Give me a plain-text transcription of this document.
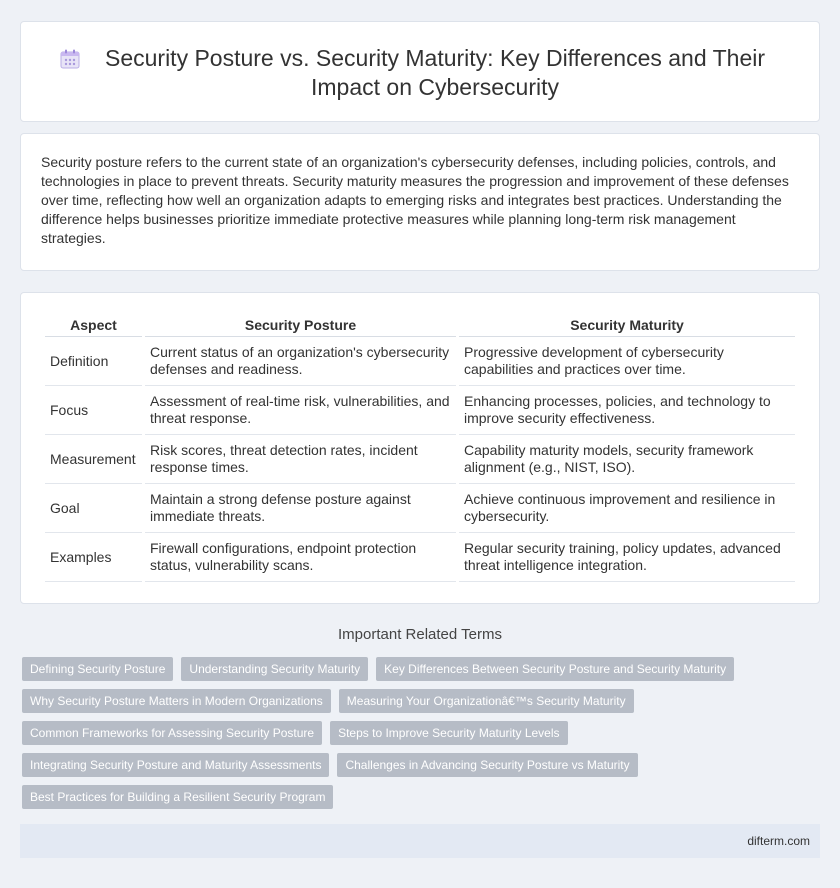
Security Posture vs. Security Maturity: Key Differences and Their Impact on Cybersecurity

Security posture refers to the current state of an organization's cybersecurity defenses, including policies, controls, and technologies in place to prevent threats. Security maturity measures the progression and improvement of these defenses over time, reflecting how well an organization adapts to emerging risks and integrates best practices. Understanding the difference helps businesses prioritize immediate protective measures while planning long-term risk management strategies.

Aspect	Security Posture	Security Maturity
Definition	Current status of an organization's cybersecurity defenses and readiness.	Progressive development of cybersecurity capabilities and practices over time.
Focus	Assessment of real-time risk, vulnerabilities, and threat response.	Enhancing processes, policies, and technology to improve security effectiveness.
Measurement	Risk scores, threat detection rates, incident response times.	Capability maturity models, security framework alignment (e.g., NIST, ISO).
Goal	Maintain a strong defense posture against immediate threats.	Achieve continuous improvement and resilience in cybersecurity.
Examples	Firewall configurations, endpoint protection status, vulnerability scans.	Regular security training, policy updates, advanced threat intelligence integration.
Important Related Terms
Defining Security Posture	Understanding Security Maturity	Key Differences Between Security Posture and Security Maturity
Why Security Posture Matters in Modern Organizations	Measuring Your Organizationâ€™s Security Maturity
Common Frameworks for Assessing Security Posture	Steps to Improve Security Maturity Levels
Integrating Security Posture and Maturity Assessments	Challenges in Advancing Security Posture vs Maturity
Best Practices for Building a Resilient Security Program
difterm.com
